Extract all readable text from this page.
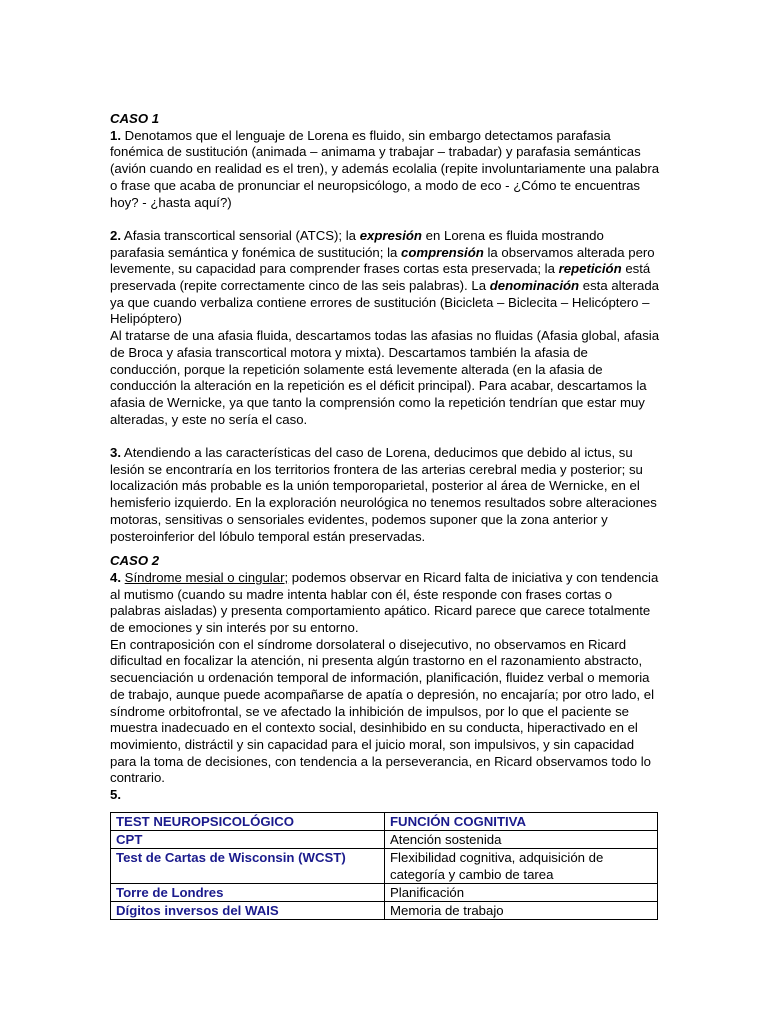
CASO 1

1. Denotamos que el lenguaje de Lorena es fluido, sin embargo detectamos parafasia fonémica de sustitución (animada – animama y trabajar – trabadar) y parafasia semánticas (avión cuando en realidad es el tren), y además ecolalia (repite involuntariamente una palabra o frase que acaba de pronunciar el neuropsicólogo, a modo de eco - ¿Cómo te encuentras hoy? - ¿hasta aquí?)

2. Afasia transcortical sensorial (ATCS); la expresión en Lorena es fluida mostrando parafasia semántica y fonémica de sustitución; la comprensión la observamos alterada pero levemente, su capacidad para comprender frases cortas esta preservada; la repetición está preservada (repite correctamente cinco de las seis palabras). La denominación esta alterada ya que cuando verbaliza contiene errores de sustitución (Bicicleta – Biclecita – Helicóptero – Helipóptero)

Al tratarse de una afasia fluida, descartamos todas las afasias no fluidas (Afasia global, afasia de Broca y afasia transcortical motora y mixta). Descartamos también la afasia de conducción, porque la repetición solamente está levemente alterada (en la afasia de conducción la alteración en la repetición es el déficit principal). Para acabar, descartamos la afasia de Wernicke, ya que tanto la comprensión como la repetición tendrían que estar muy alteradas, y este no sería el caso.

3. Atendiendo a las características del caso de Lorena, deducimos que debido al ictus, su lesión se encontraría en los territorios frontera de las arterias cerebral media y posterior; su localización más probable es la unión temporoparietal, posterior al área de Wernicke, en el hemisferio izquierdo. En la exploración neurológica no tenemos resultados sobre alteraciones motoras, sensitivas o sensoriales evidentes, podemos suponer que la zona anterior y posteroinferior del lóbulo temporal están preservadas.

CASO 2

4. Síndrome mesial o cingular; podemos observar en Ricard falta de iniciativa y con tendencia al mutismo (cuando su madre intenta hablar con él, éste responde con frases cortas o palabras aisladas) y presenta comportamiento apático. Ricard parece que carece totalmente de emociones y sin interés por su entorno.

En contraposición con el síndrome dorsolateral o disejecutivo, no observamos en Ricard dificultad en focalizar la atención, ni presenta algún trastorno en el razonamiento abstracto, secuenciación u ordenación temporal de información, planificación, fluidez verbal o memoria de trabajo, aunque puede acompañarse de apatía o depresión, no encajaría; por otro lado, el síndrome orbitofrontal, se ve afectado la inhibición de impulsos, por lo que el paciente se muestra inadecuado en el contexto social, desinhibido en su conducta, hiperactivado en el movimiento, distráctil y sin capacidad para el juicio moral, son impulsivos, y sin capacidad para la toma de decisiones, con tendencia a la perseverancia, en Ricard observamos todo lo contrario.

5.

TEST NEUROPSICOLÓGICO	FUNCIÓN COGNITIVA
CPT	Atención sostenida
Test de Cartas de Wisconsin (WCST)	Flexibilidad cognitiva, adquisición de categoría y cambio de tarea
Torre de Londres	Planificación
Dígitos inversos del WAIS	Memoria de trabajo
